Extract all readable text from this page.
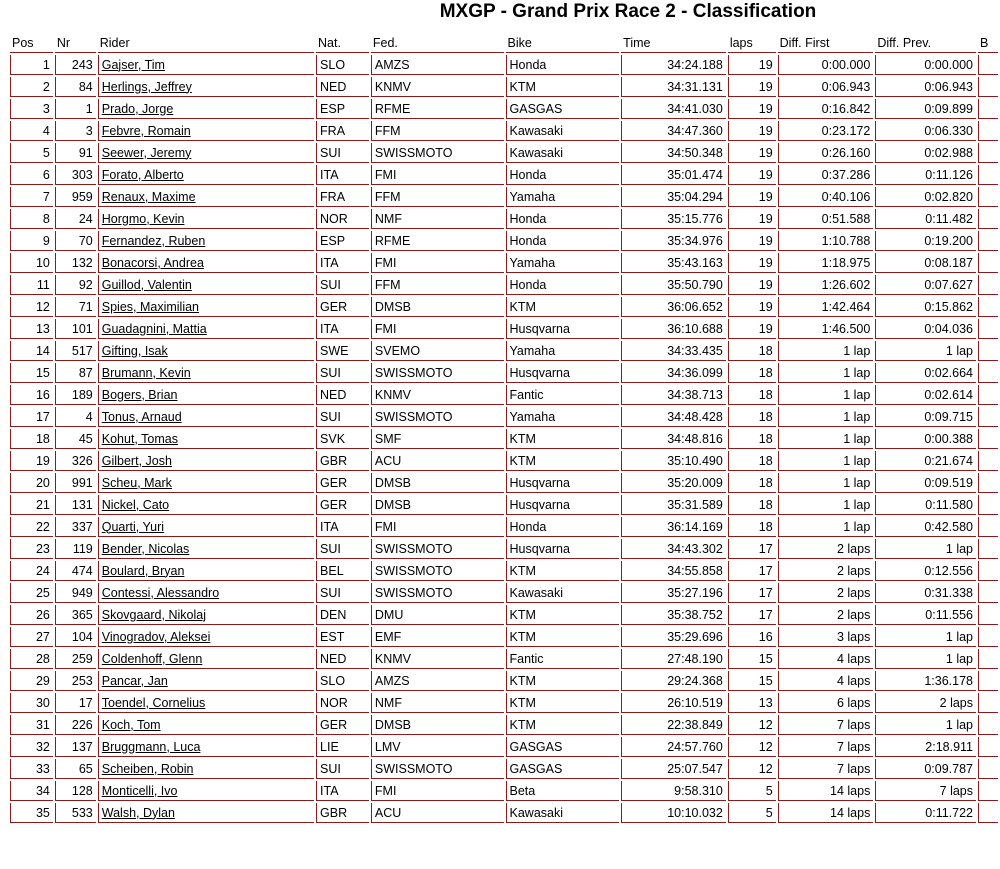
MXGP - Grand Prix Race 2 - Classification
Pos	Nr	Rider	Nat.	Fed.	Bike	Time	laps	Diff. First	Diff. Prev.	B
1	243	Gajser, Tim	SLO	AMZS	Honda	34:24.188	19	0:00.000	0:00.000	
2	84	Herlings, Jeffrey	NED	KNMV	KTM	34:31.131	19	0:06.943	0:06.943	
3	1	Prado, Jorge	ESP	RFME	GASGAS	34:41.030	19	0:16.842	0:09.899	
4	3	Febvre, Romain	FRA	FFM	Kawasaki	34:47.360	19	0:23.172	0:06.330	
5	91	Seewer, Jeremy	SUI	SWISSMOTO	Kawasaki	34:50.348	19	0:26.160	0:02.988	
6	303	Forato, Alberto	ITA	FMI	Honda	35:01.474	19	0:37.286	0:11.126	
7	959	Renaux, Maxime	FRA	FFM	Yamaha	35:04.294	19	0:40.106	0:02.820	
8	24	Horgmo, Kevin	NOR	NMF	Honda	35:15.776	19	0:51.588	0:11.482	
9	70	Fernandez, Ruben	ESP	RFME	Honda	35:34.976	19	1:10.788	0:19.200	
10	132	Bonacorsi, Andrea	ITA	FMI	Yamaha	35:43.163	19	1:18.975	0:08.187	
11	92	Guillod, Valentin	SUI	FFM	Honda	35:50.790	19	1:26.602	0:07.627	
12	71	Spies, Maximilian	GER	DMSB	KTM	36:06.652	19	1:42.464	0:15.862	
13	101	Guadagnini, Mattia	ITA	FMI	Husqvarna	36:10.688	19	1:46.500	0:04.036	
14	517	Gifting, Isak	SWE	SVEMO	Yamaha	34:33.435	18	1 lap	1 lap	
15	87	Brumann, Kevin	SUI	SWISSMOTO	Husqvarna	34:36.099	18	1 lap	0:02.664	
16	189	Bogers, Brian	NED	KNMV	Fantic	34:38.713	18	1 lap	0:02.614	
17	4	Tonus, Arnaud	SUI	SWISSMOTO	Yamaha	34:48.428	18	1 lap	0:09.715	
18	45	Kohut, Tomas	SVK	SMF	KTM	34:48.816	18	1 lap	0:00.388	
19	326	Gilbert, Josh	GBR	ACU	KTM	35:10.490	18	1 lap	0:21.674	
20	991	Scheu, Mark	GER	DMSB	Husqvarna	35:20.009	18	1 lap	0:09.519	
21	131	Nickel, Cato	GER	DMSB	Husqvarna	35:31.589	18	1 lap	0:11.580	
22	337	Quarti, Yuri	ITA	FMI	Honda	36:14.169	18	1 lap	0:42.580	
23	119	Bender, Nicolas	SUI	SWISSMOTO	Husqvarna	34:43.302	17	2 laps	1 lap	
24	474	Boulard, Bryan	BEL	SWISSMOTO	KTM	34:55.858	17	2 laps	0:12.556	
25	949	Contessi, Alessandro	SUI	SWISSMOTO	Kawasaki	35:27.196	17	2 laps	0:31.338	
26	365	Skovgaard, Nikolaj	DEN	DMU	KTM	35:38.752	17	2 laps	0:11.556	
27	104	Vinogradov, Aleksei	EST	EMF	KTM	35:29.696	16	3 laps	1 lap	
28	259	Coldenhoff, Glenn	NED	KNMV	Fantic	27:48.190	15	4 laps	1 lap	
29	253	Pancar, Jan	SLO	AMZS	KTM	29:24.368	15	4 laps	1:36.178	
30	17	Toendel, Cornelius	NOR	NMF	KTM	26:10.519	13	6 laps	2 laps	
31	226	Koch, Tom	GER	DMSB	KTM	22:38.849	12	7 laps	1 lap	
32	137	Bruggmann, Luca	LIE	LMV	GASGAS	24:57.760	12	7 laps	2:18.911	
33	65	Scheiben, Robin	SUI	SWISSMOTO	GASGAS	25:07.547	12	7 laps	0:09.787	
34	128	Monticelli, Ivo	ITA	FMI	Beta	9:58.310	5	14 laps	7 laps	
35	533	Walsh, Dylan	GBR	ACU	Kawasaki	10:10.032	5	14 laps	0:11.722	
